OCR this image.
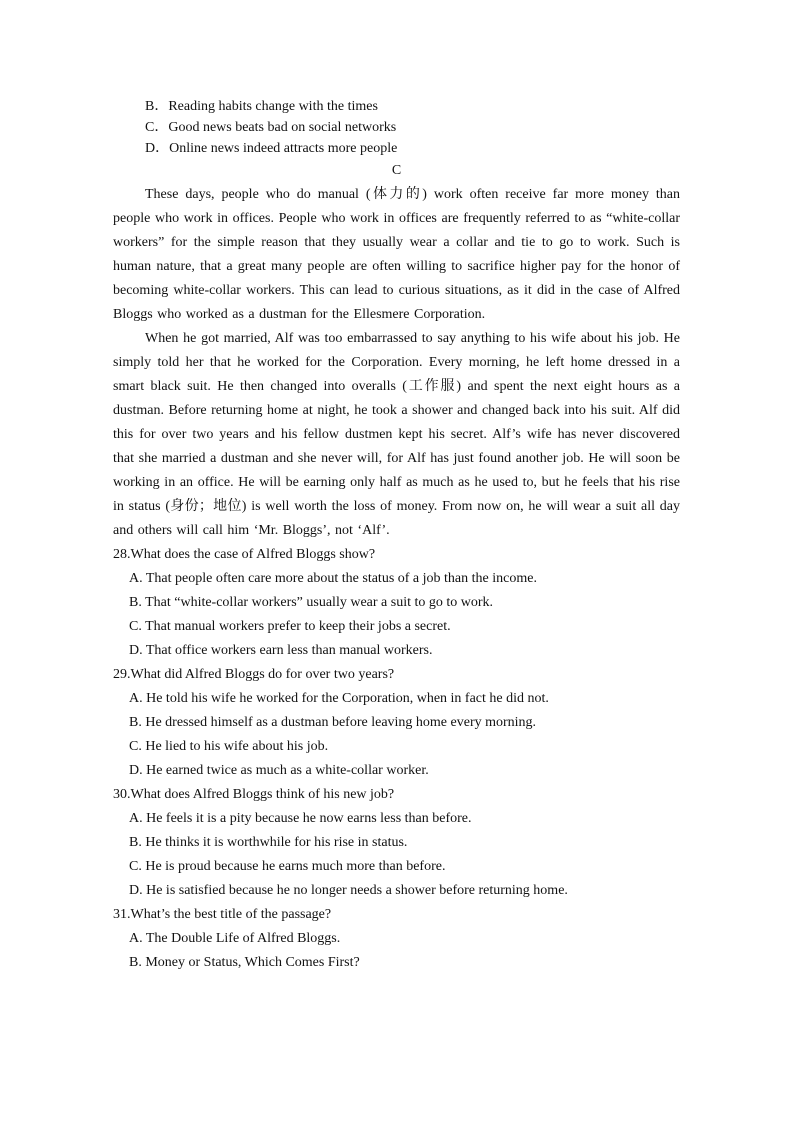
B．Reading habits change with the times
C．Good news beats bad on social networks
D．Online news indeed attracts more people
C

These days, people who do manual (体力的) work often receive far more money than people who work in offices. People who work in offices are frequently referred to as “white-collar workers” for the simple reason that they usually wear a collar and tie to go to work. Such is human nature, that a great many people are often willing to sacrifice higher pay for the honor of becoming white-collar workers. This can lead to curious situations, as it did in the case of Alfred Bloggs who worked as a dustman for the Ellesmere Corporation.

When he got married, Alf was too embarrassed to say anything to his wife about his job. He simply told her that he worked for the Corporation. Every morning, he left home dressed in a smart black suit. He then changed into overalls (工作服) and spent the next eight hours as a dustman. Before returning home at night, he took a shower and changed back into his suit. Alf did this for over two years and his fellow dustmen kept his secret. Alf’s wife has never discovered that she married a dustman and she never will, for Alf has just found another job. He will soon be working in an office. He will be earning only half as much as he used to, but he feels that his rise in status (身份；地位) is well worth the loss of money. From now on, he will wear a suit all day and others will call him ‘Mr. Bloggs’, not ‘Alf’.

28.What does the case of Alfred Bloggs show?
A. That people often care more about the status of a job than the income.
B. That “white-collar workers” usually wear a suit to go to work.
C. That manual workers prefer to keep their jobs a secret.
D. That office workers earn less than manual workers.
29.What did Alfred Bloggs do for over two years?
A. He told his wife he worked for the Corporation, when in fact he did not.
B. He dressed himself as a dustman before leaving home every morning.
C. He lied to his wife about his job.
D. He earned twice as much as a white-collar worker.
30.What does Alfred Bloggs think of his new job?
A. He feels it is a pity because he now earns less than before.
B. He thinks it is worthwhile for his rise in status.
C. He is proud because he earns much more than before.
D. He is satisfied because he no longer needs a shower before returning home.
31.What’s the best title of the passage?
A. The Double Life of Alfred Bloggs.
B. Money or Status, Which Comes First?
